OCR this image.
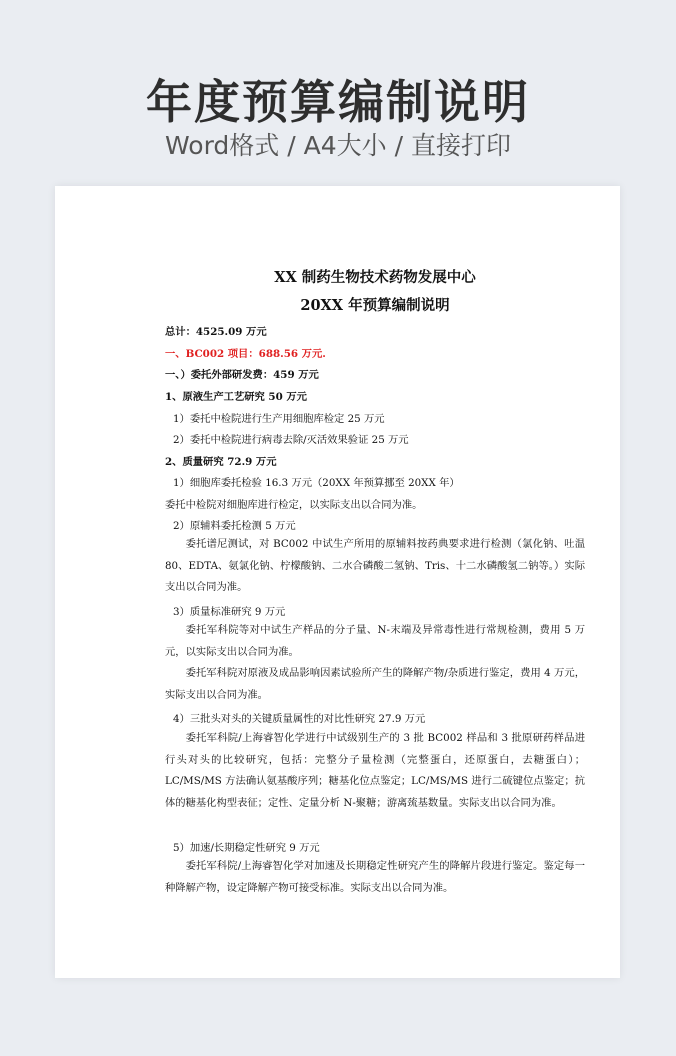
年度预算编制说明
Word格式 / A4大小 / 直接打印
XX 制药生物技术药物发展中心
20XX 年预算编制说明
总计：4525.09 万元
一、BC002 项目：688.56 万元.
一、）委托外部研发费：459 万元
1、原液生产工艺研究 50 万元
1）委托中检院进行生产用细胞库检定 25 万元
2）委托中检院进行病毒去除/灭活效果验证 25 万元
2、质量研究 72.9 万元
1）细胞库委托检验 16.3 万元（20XX 年预算挪至 20XX 年）
委托中检院对细胞库进行检定，以实际支出以合同为准。
2）原辅料委托检测 5 万元
委托谱尼测试，对 BC002 中试生产所用的原辅料按药典要求进行检测（氯化钠、吐温 80、EDTA、氨氯化钠、柠檬酸钠、二水合磷酸二氢钠、Tris、十二水磷酸氢二钠等。）实际支出以合同为准。
3）质量标准研究 9 万元
委托军科院等对中试生产样品的分子量、N-末端及异常毒性进行常规检测，费用 5 万元，以实际支出以合同为准。
委托军科院对原液及成品影响因素试验所产生的降解产物/杂质进行鉴定，费用 4 万元，实际支出以合同为准。
4）三批头对头的关键质量属性的对比性研究 27.9 万元
委托军科院/上海睿智化学进行中试级别生产的 3 批 BC002 样品和 3 批原研药样品进行头对头的比较研究，包括：完整分子量检测（完整蛋白，还原蛋白，去糖蛋白）；LC/MS/MS 方法确认氨基酸序列；糖基化位点鉴定；LC/MS/MS 进行二硫键位点鉴定；抗体的糖基化构型表征；定性、定量分析 N-聚糖；游离巯基数量。实际支出以合同为准。
5）加速/长期稳定性研究 9 万元
委托军科院/上海睿智化学对加速及长期稳定性研究产生的降解片段进行鉴定。鉴定每一种降解产物，设定降解产物可接受标准。实际支出以合同为准。
